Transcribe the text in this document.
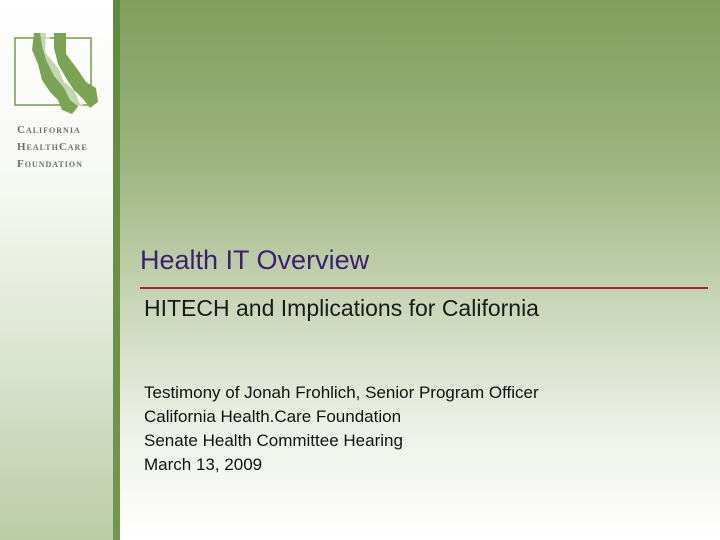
California
HealthCare
Foundation
Health IT Overview
HITECH and Implications for California
Testimony of Jonah Frohlich, Senior Program Officer
California Health.Care Foundation
Senate Health Committee Hearing
March 13, 2009
